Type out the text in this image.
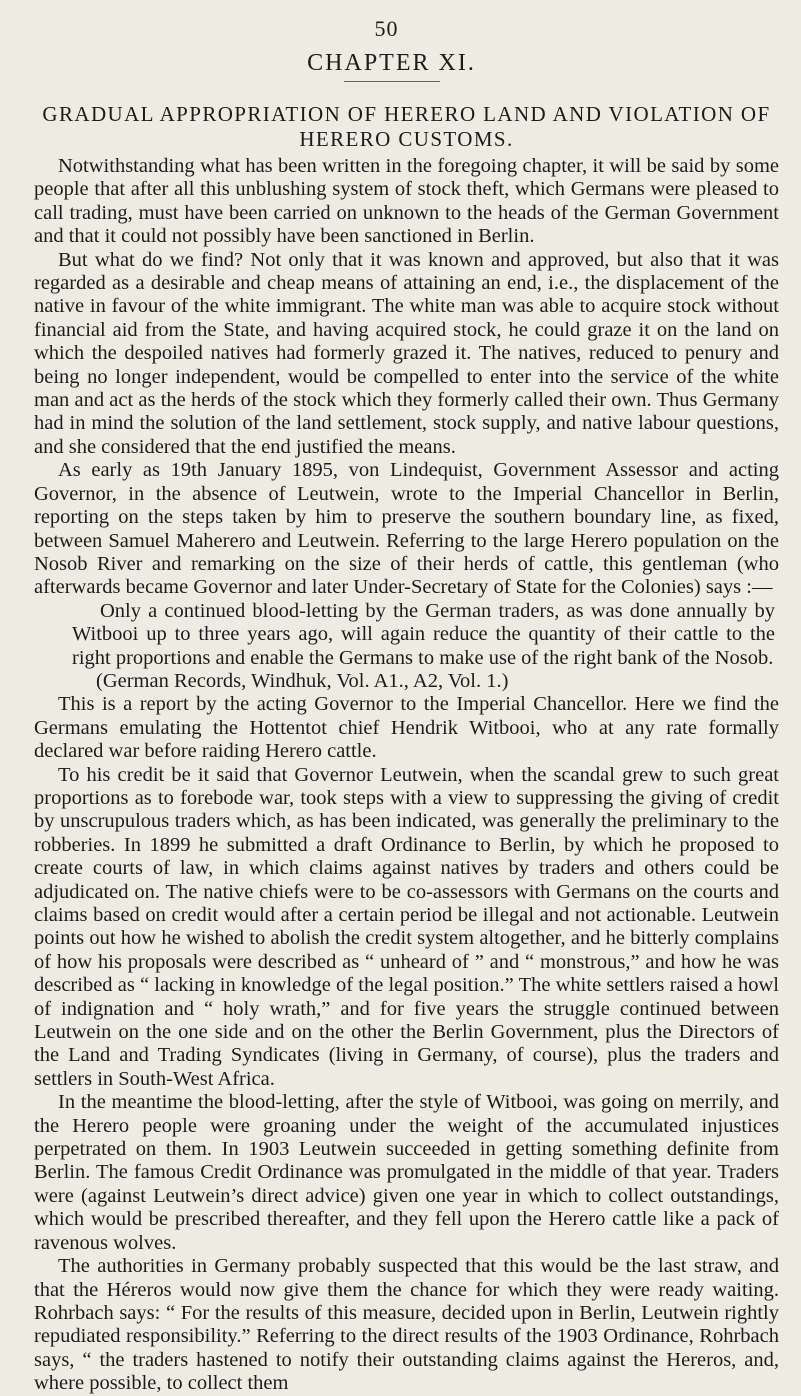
50
CHAPTER XI.
GRADUAL APPROPRIATION OF HERERO LAND AND VIOLATION OF HERERO CUSTOMS.

Notwithstanding what has been written in the foregoing chapter, it will be said by some people that after all this unblushing system of stock theft, which Germans were pleased to call trading, must have been carried on unknown to the heads of the German Government and that it could not possibly have been sanctioned in Berlin.

But what do we find? Not only that it was known and approved, but also that it was regarded as a desirable and cheap means of attaining an end, i.e., the displacement of the native in favour of the white immigrant. The white man was able to acquire stock without financial aid from the State, and having acquired stock, he could graze it on the land on which the despoiled natives had formerly grazed it. The natives, reduced to penury and being no longer independent, would be compelled to enter into the service of the white man and act as the herds of the stock which they formerly called their own. Thus Germany had in mind the solution of the land settlement, stock supply, and native labour questions, and she considered that the end justified the means.

As early as 19th January 1895, von Lindequist, Government Assessor and acting Governor, in the absence of Leutwein, wrote to the Imperial Chancellor in Berlin, reporting on the steps taken by him to preserve the southern boundary line, as fixed, between Samuel Maherero and Leutwein. Referring to the large Herero population on the Nosob River and remarking on the size of their herds of cattle, this gentleman (who afterwards became Governor and later Under-Secretary of State for the Colonies) says :—

Only a continued blood-letting by the German traders, as was done annually by Witbooi up to three years ago, will again reduce the quantity of their cattle to the right proportions and enable the Germans to make use of the right bank of the Nosob.

(German Records, Windhuk, Vol. A1., A2, Vol. 1.)

This is a report by the acting Governor to the Imperial Chancellor. Here we find the Germans emulating the Hottentot chief Hendrik Witbooi, who at any rate formally declared war before raiding Herero cattle.

To his credit be it said that Governor Leutwein, when the scandal grew to such great proportions as to forebode war, took steps with a view to suppressing the giving of credit by unscrupulous traders which, as has been indicated, was generally the preliminary to the robberies. In 1899 he submitted a draft Ordinance to Berlin, by which he proposed to create courts of law, in which claims against natives by traders and others could be adjudicated on. The native chiefs were to be co-assessors with Germans on the courts and claims based on credit would after a certain period be illegal and not actionable. Leutwein points out how he wished to abolish the credit system altogether, and he bitterly complains of how his proposals were described as “ unheard of ” and “ monstrous,” and how he was described as “ lacking in knowledge of the legal position.” The white settlers raised a howl of indignation and “ holy wrath,” and for five years the struggle continued between Leutwein on the one side and on the other the Berlin Government, plus the Directors of the Land and Trading Syndicates (living in Germany, of course), plus the traders and settlers in South-West Africa.

In the meantime the blood-letting, after the style of Witbooi, was going on merrily, and the Herero people were groaning under the weight of the accumulated injustices perpetrated on them. In 1903 Leutwein succeeded in getting something definite from Berlin. The famous Credit Ordinance was promulgated in the middle of that year. Traders were (against Leutwein’s direct advice) given one year in which to collect outstandings, which would be prescribed thereafter, and they fell upon the Herero cattle like a pack of ravenous wolves.

The authorities in Germany probably suspected that this would be the last straw, and that the Héreros would now give them the chance for which they were ready waiting. Rohrbach says: “ For the results of this measure, decided upon in Berlin, Leutwein rightly repudiated responsibility.” Referring to the direct results of the 1903 Ordinance, Rohrbach says, “ the traders hastened to notify their outstanding claims against the Hereros, and, where possible, to collect them
